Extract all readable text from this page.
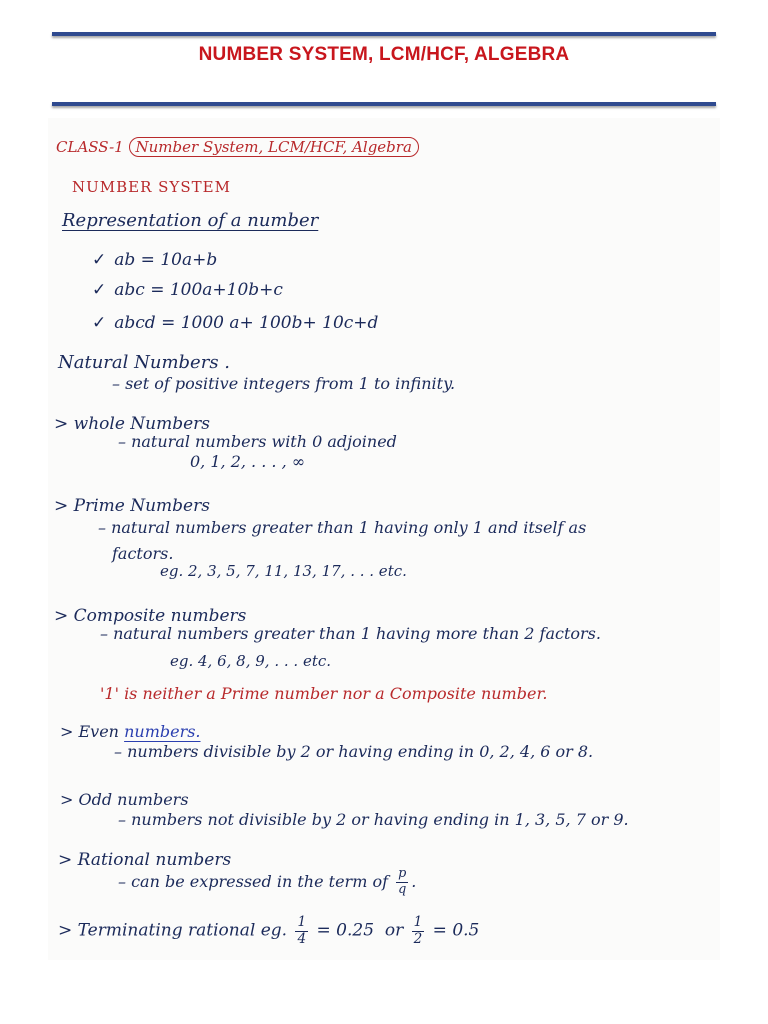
NUMBER SYSTEM, LCM/HCF, ALGEBRA
CLASS-1 Number System, LCM/HCF, Algebra
NUMBER SYSTEM
Representation of a number
✓ ab = 10a+b
✓ abc = 100a+10b+c
✓ abcd = 1000 a+ 100b+ 10c+d
Natural Numbers .
– set of positive integers from 1 to infinity.
> whole Numbers
– natural numbers with 0 adjoined
0, 1, 2, . . . , ∞
> Prime Numbers
– natural numbers greater than 1 having only 1 and itself as
factors.
eg. 2, 3, 5, 7, 11, 13, 17, . . . etc.
> Composite numbers
– natural numbers greater than 1 having more than 2 factors.
eg. 4, 6, 8, 9, . . . etc.
'1' is neither a Prime number nor a Composite number.
> Even numbers.
– numbers divisible by 2 or having ending in 0, 2, 4, 6 or 8.
> Odd numbers
– numbers not divisible by 2 or having ending in 1, 3, 5, 7 or 9.
> Rational numbers
– can be expressed in the term of $\frac{p}{q}$ .
> Terminating rational eg. $\frac{1}{4} = 0.25$ or $\frac{1}{2} = 0.5$
